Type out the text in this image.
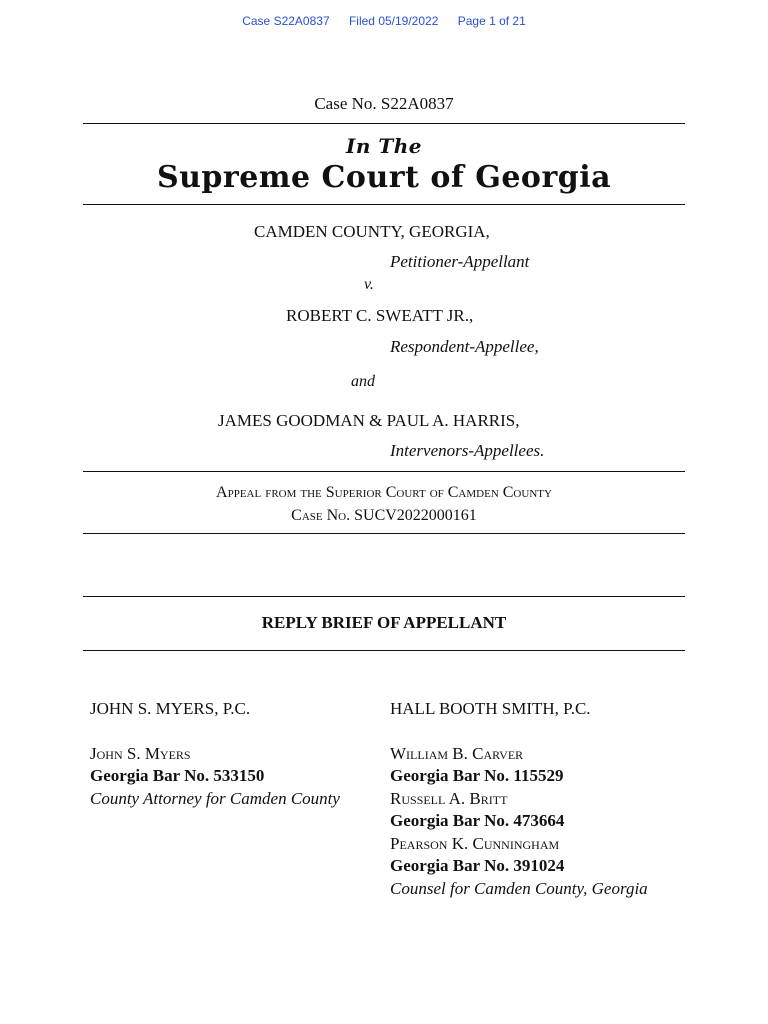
Case S22A0837 Filed 05/19/2022 Page 1 of 21
Case No. S22A0837
In The
Supreme Court of Georgia
CAMDEN COUNTY, GEORGIA,
Petitioner-Appellant
v.
ROBERT C. SWEATT JR.,
Respondent-Appellee,
and
JAMES GOODMAN & PAUL A. HARRIS,
Intervenors-Appellees.
Appeal from the Superior Court of Camden County
Case No. SUCV2022000161
REPLY BRIEF OF APPELLANT
JOHN S. MYERS, P.C.
John S. Myers
Georgia Bar No. 533150
County Attorney for Camden County
HALL BOOTH SMITH, P.C.
William B. Carver
Georgia Bar No. 115529
Russell A. Britt
Georgia Bar No. 473664
Pearson K. Cunningham
Georgia Bar No. 391024
Counsel for Camden County, Georgia
